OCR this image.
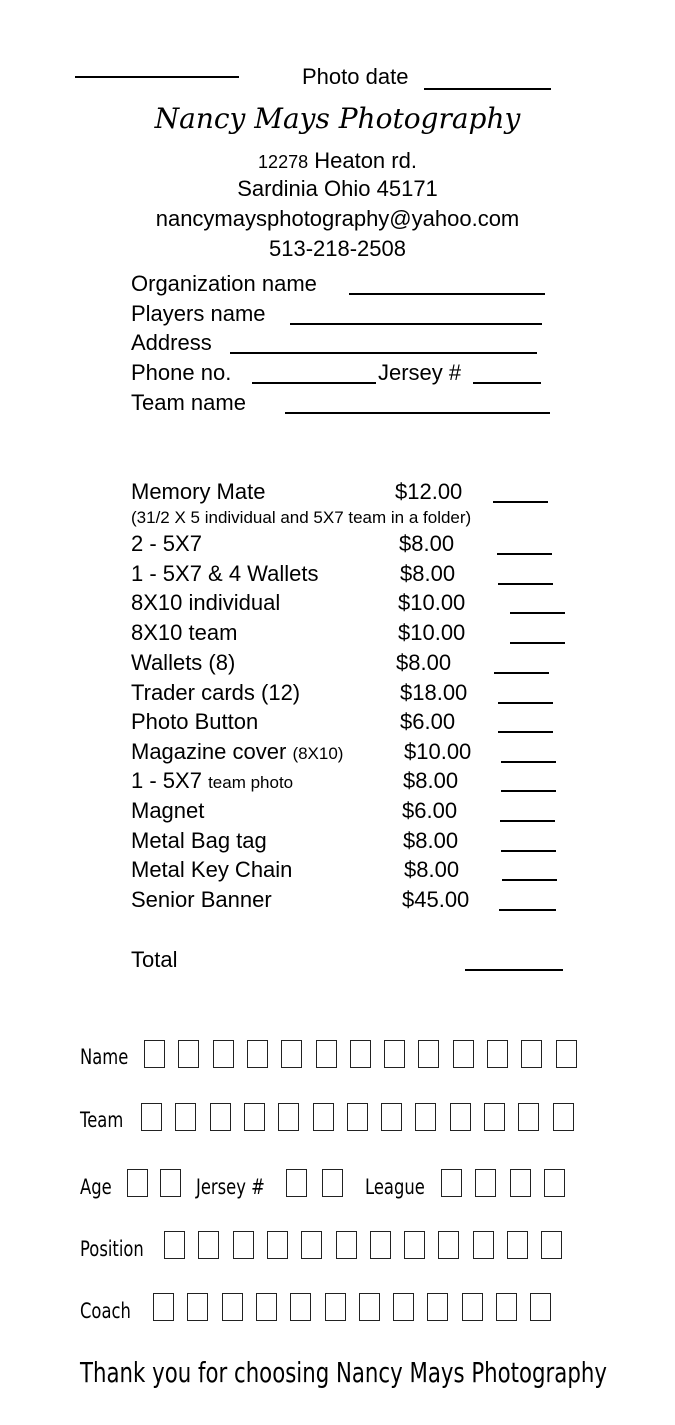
Photo date
Nancy Mays Photography
12278 Heaton rd.
Sardinia Ohio 45171
nancymaysphotography@yahoo.com
513-218-2508
Organization name
Players name
Address
Phone no.	Jersey #
Team name
Memory Mate	$12.00
(31/2 X 5 individual and 5X7 team in a folder)
2 - 5X7	$8.00
1 - 5X7 & 4 Wallets	$8.00
8X10 individual	$10.00
8X10 team	$10.00
Wallets (8)	$8.00
Trader cards (12)	$18.00
Photo Button	$6.00
Magazine cover (8X10)	$10.00
1 - 5X7 team photo	$8.00
Magnet	$6.00
Metal Bag tag	$8.00
Metal Key Chain	$8.00
Senior Banner	$45.00
Total
Name
Team
Age	Jersey #	League
Position
Coach
Thank you for choosing Nancy Mays Photography
